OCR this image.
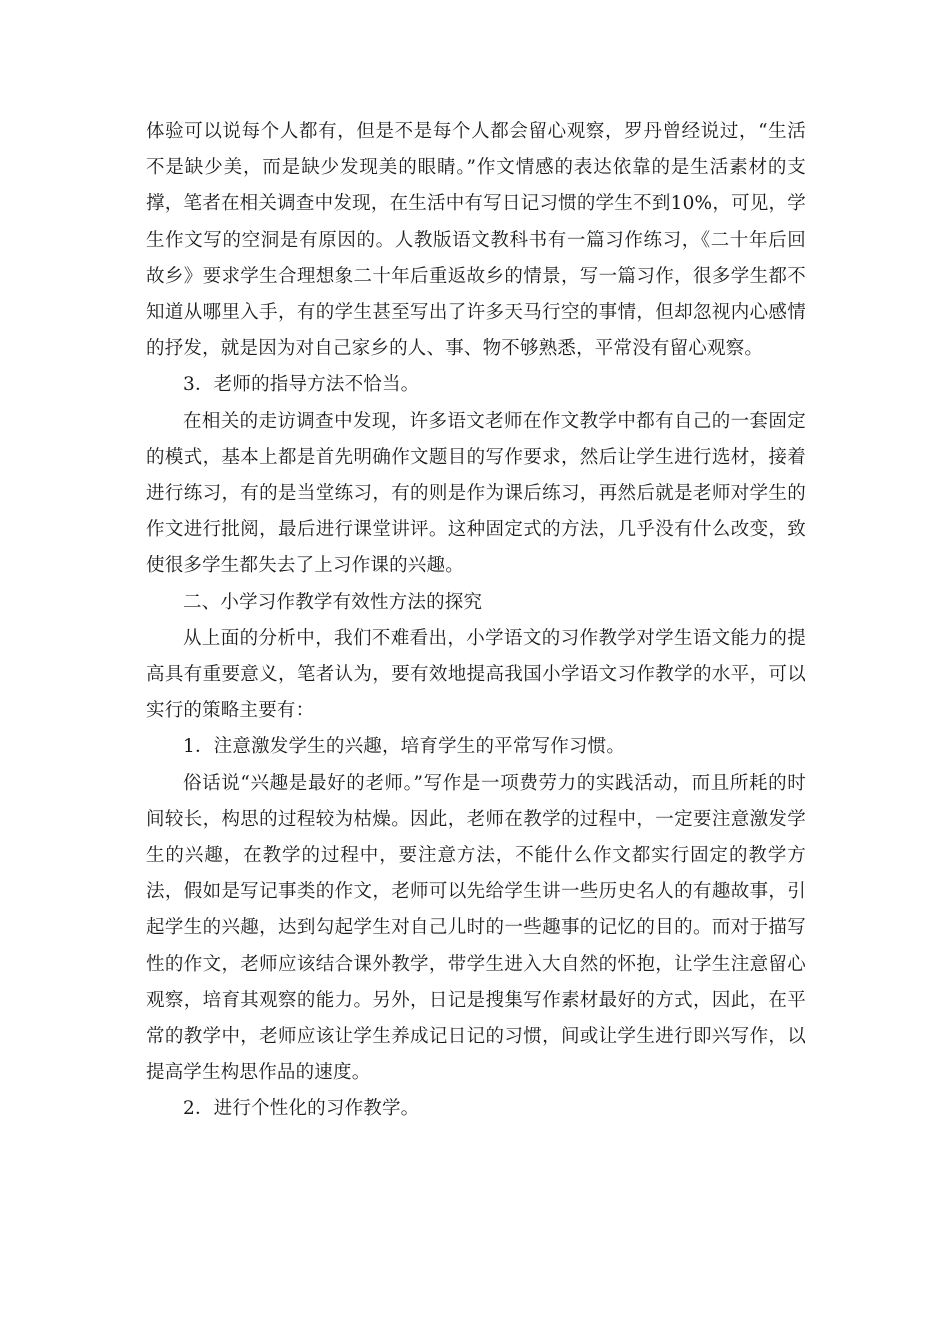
体验可以说每个人都有，但是不是每个人都会留心观察，罗丹曾经说过，“生活不是缺少美，而是缺少发现美的眼睛。”作文情感的表达依靠的是生活素材的支撑，笔者在相关调查中发现，在生活中有写日记习惯的学生不到10%，可见，学生作文写的空洞是有原因的。人教版语文教科书有一篇习作练习，《二十年后回故乡》要求学生合理想象二十年后重返故乡的情景，写一篇习作，很多学生都不知道从哪里入手，有的学生甚至写出了许多天马行空的事情，但却忽视内心感情的抒发，就是因为对自己家乡的人、事、物不够熟悉，平常没有留心观察。

3．老师的指导方法不恰当。

在相关的走访调查中发现，许多语文老师在作文教学中都有自己的一套固定的模式，基本上都是首先明确作文题目的写作要求，然后让学生进行选材，接着进行练习，有的是当堂练习，有的则是作为课后练习，再然后就是老师对学生的作文进行批阅，最后进行课堂讲评。这种固定式的方法，几乎没有什么改变，致使很多学生都失去了上习作课的兴趣。

二、小学习作教学有效性方法的探究

从上面的分析中，我们不难看出，小学语文的习作教学对学生语文能力的提高具有重要意义，笔者认为，要有效地提高我国小学语文习作教学的水平，可以实行的策略主要有：

1．注意激发学生的兴趣，培育学生的平常写作习惯。

俗话说“兴趣是最好的老师。”写作是一项费劳力的实践活动，而且所耗的时间较长，构思的过程较为枯燥。因此，老师在教学的过程中，一定要注意激发学生的兴趣，在教学的过程中，要注意方法，不能什么作文都实行固定的教学方法，假如是写记事类的作文，老师可以先给学生讲一些历史名人的有趣故事，引起学生的兴趣，达到勾起学生对自己儿时的一些趣事的记忆的目的。而对于描写性的作文，老师应该结合课外教学，带学生进入大自然的怀抱，让学生注意留心观察，培育其观察的能力。另外，日记是搜集写作素材最好的方式，因此，在平常的教学中，老师应该让学生养成记日记的习惯，间或让学生进行即兴写作，以提高学生构思作品的速度。

2．进行个性化的习作教学。
